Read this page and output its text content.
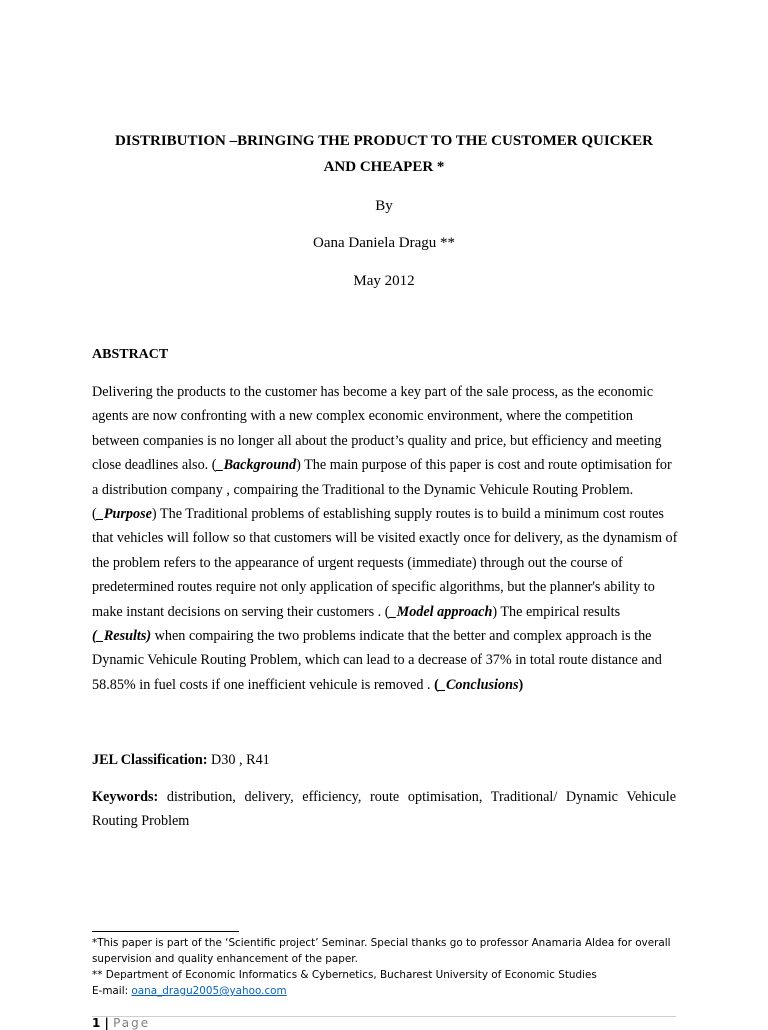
DISTRIBUTION –BRINGING THE PRODUCT TO THE CUSTOMER QUICKER
AND CHEAPER *
By
Oana Daniela Dragu **
May 2012
ABSTRACT
Delivering the products to the customer has become a key part of the sale process, as the economic agents are now confronting with a new complex economic environment, where the competition between companies is no longer all about the product’s quality and price, but efficiency and meeting close deadlines also. (_Background) The main purpose of this paper is cost and route optimisation for a distribution company , compairing the Traditional to the Dynamic Vehicule Routing Problem. (_Purpose) The Traditional problems of establishing supply routes is to build a minimum cost routes that vehicles will follow so that customers will be visited exactly once for delivery, as the dynamism of the problem refers to the appearance of urgent requests (immediate) through out the course of predetermined routes require not only application of specific algorithms, but the planner's ability to make instant decisions on serving their customers . (_Model approach) The empirical results (_Results) when compairing the two problems indicate that the better and complex approach is the Dynamic Vehicule Routing Problem, which can lead to a decrease of 37% in total route distance and 58.85% in fuel costs if one inefficient vehicule is removed . (_Conclusions)
JEL Classification: D30 , R41
Keywords: distribution, delivery, efficiency, route optimisation, Traditional/ Dynamic Vehicule Routing Problem
*This paper is part of the ‘Scientific project’ Seminar. Special thanks go to professor Anamaria Aldea for overall supervision and quality enhancement of the paper.
** Department of Economic Informatics & Cybernetics, Bucharest University of Economic Studies
E-mail: oana_dragu2005@yahoo.com
1 | Page
